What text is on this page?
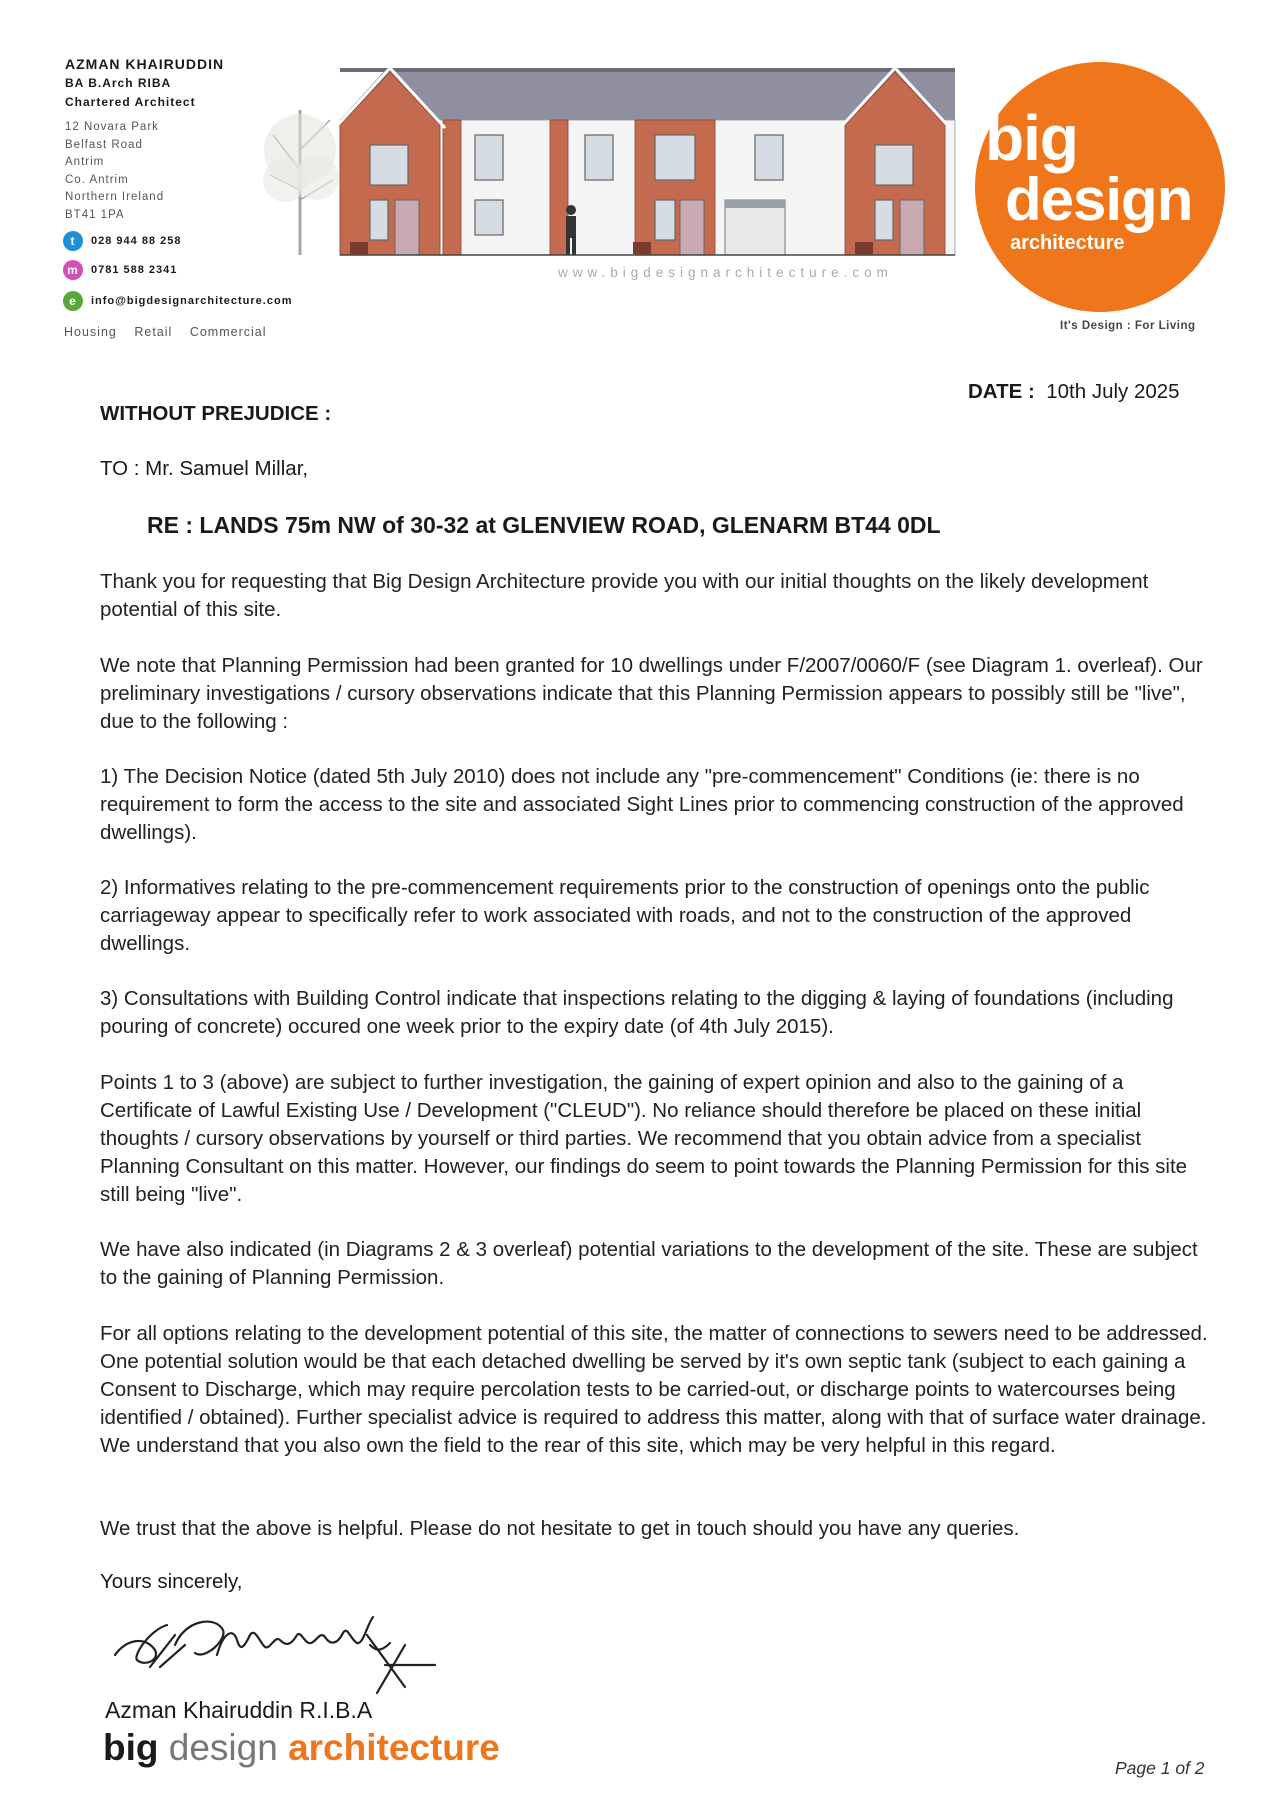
AZMAN KHAIRUDDIN
BA B.Arch RIBA
Chartered Architect
12 Novara Park
Belfast Road
Antrim
Co. Antrim
Northern Ireland
BT41 1PA
t	028 944 88 258
m	0781 588 2341
e	info@bigdesignarchitecture.com
Housing Retail Commercial
www.bigdesignarchitecture.com
big
design
architecture
It's Design : For Living
DATE : 10th July 2025
WITHOUT PREJUDICE :
TO : Mr. Samuel Millar,
RE : LANDS 75m NW of 30-32 at GLENVIEW ROAD, GLENARM BT44 0DL

Thank you for requesting that Big Design Architecture provide you with our initial thoughts on the likely development potential of this site.

We note that Planning Permission had been granted for 10 dwellings under F/2007/0060/F (see Diagram 1. overleaf). Our preliminary investigations / cursory observations indicate that this Planning Permission appears to possibly still be "live", due to the following :

1) The Decision Notice (dated 5th July 2010) does not include any "pre-commencement" Conditions (ie: there is no requirement to form the access to the site and associated Sight Lines prior to commencing construction of the approved dwellings).

2) Informatives relating to the pre-commencement requirements prior to the construction of openings onto the public carriageway appear to specifically refer to work associated with roads, and not to the construction of the approved dwellings.

3) Consultations with Building Control indicate that inspections relating to the digging & laying of foundations (including pouring of concrete) occured one week prior to the expiry date (of 4th July 2015).

Points 1 to 3 (above) are subject to further investigation, the gaining of expert opinion and also to the gaining of a Certificate of Lawful Existing Use / Development ("CLEUD"). No reliance should therefore be placed on these initial thoughts / cursory observations by yourself or third parties. We recommend that you obtain advice from a specialist Planning Consultant on this matter. However, our findings do seem to point towards the Planning Permission for this site still being "live".

We have also indicated (in Diagrams 2 & 3 overleaf) potential variations to the development of the site. These are subject to the gaining of Planning Permission.

For all options relating to the development potential of this site, the matter of connections to sewers need to be addressed. One potential solution would be that each detached dwelling be served by it's own septic tank (subject to each gaining a Consent to Discharge, which may require percolation tests to be carried-out, or discharge points to watercourses being identified / obtained). Further specialist advice is required to address this matter, along with that of surface water drainage. We understand that you also own the field to the rear of this site, which may be very helpful in this regard.

We trust that the above is helpful. Please do not hesitate to get in touch should you have any queries.

Yours sincerely,
Azman Khairuddin R.I.B.A
big design architecture	Page 1 of 2
